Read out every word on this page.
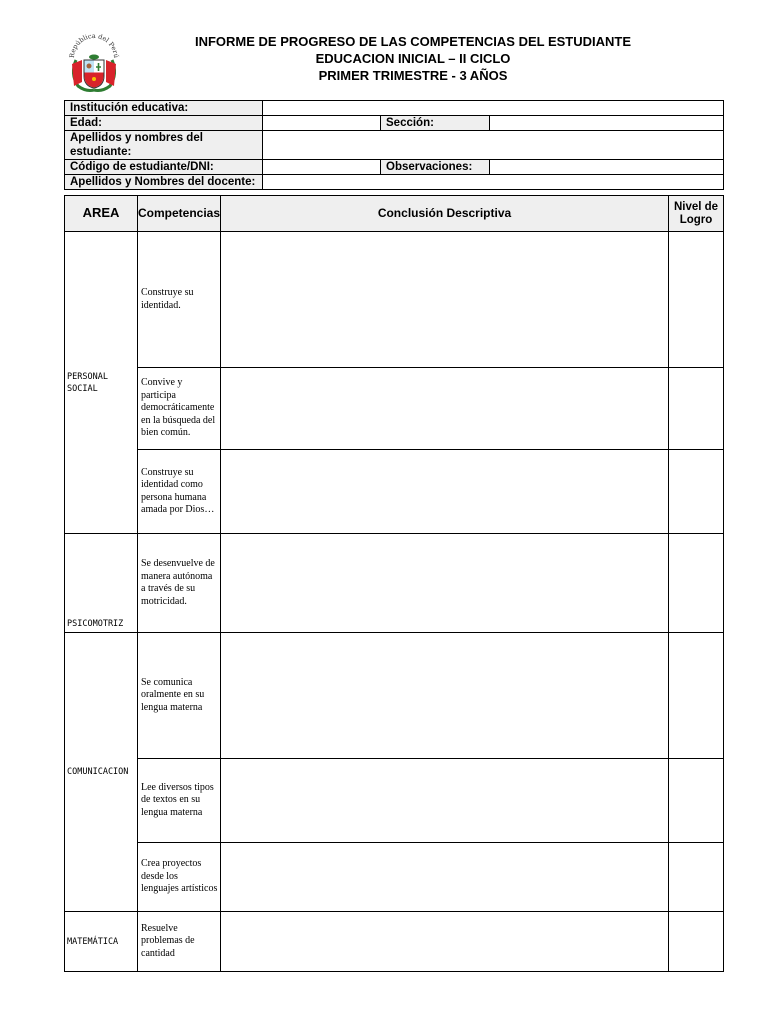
República del Perú
INFORME DE PROGRESO DE LAS COMPETENCIAS DEL ESTUDIANTE
EDUCACION INICIAL – II CICLO
PRIMER TRIMESTRE - 3 AÑOS
Institución educativa:			
Edad:		Sección:	
Apellidos y nombres del estudiante:			
Código de estudiante/DNI:		Observaciones:	
Apellidos y Nombres del docente:			
AREA	Competencias	Conclusión Descriptiva	Nivel de Logro
PERSONAL SOCIAL	Construye su identidad.		
	Convive y participa democráticamente en la búsqueda del bien común.		
	Construye su identidad como persona humana amada por Dios…		
PSICOMOTRIZ	Se desenvuelve de manera autónoma a través de su motricidad.		
COMUNICACION	Se comunica oralmente en su lengua materna		
	Lee diversos tipos de textos en su lengua materna		
	Crea proyectos desde los lenguajes artísticos		
MATEMÁTICA	Resuelve problemas de cantidad		
